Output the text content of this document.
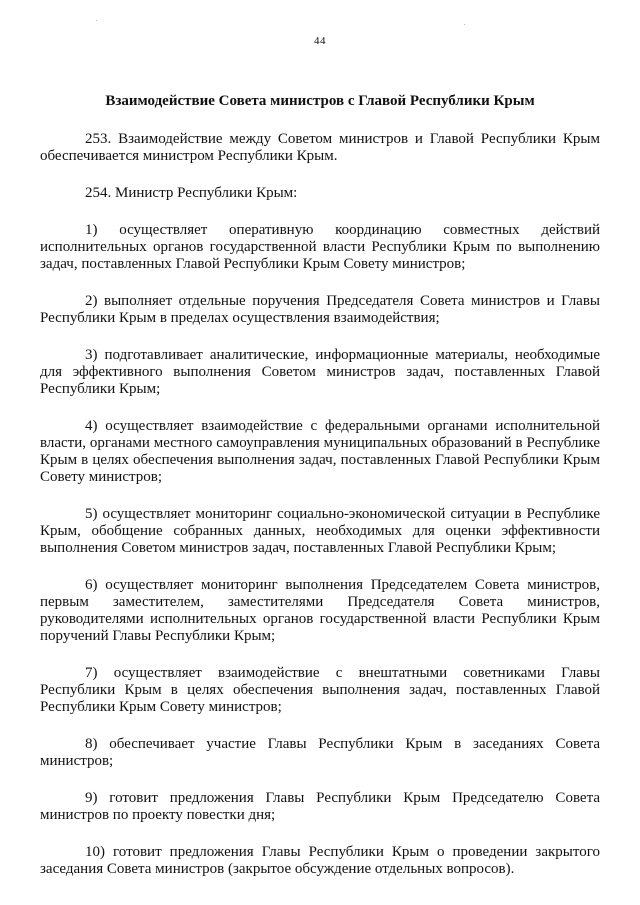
44
Взаимодействие Совета министров с Главой Республики Крым

253. Взаимодействие между Советом министров и Главой Республики Крым обеспечивается министром Республики Крым.

254. Министр Республики Крым:

1) осуществляет оперативную координацию совместных действий исполнительных органов государственной власти Республики Крым по выполнению задач, поставленных Главой Республики Крым Совету министров;

2) выполняет отдельные поручения Председателя Совета министров и Главы Республики Крым в пределах осуществления взаимодействия;

3) подготавливает аналитические, информационные материалы, необходимые для эффективного выполнения Советом министров задач, поставленных Главой Республики Крым;

4) осуществляет взаимодействие с федеральными органами исполнительной власти, органами местного самоуправления муниципальных образований в Республике Крым в целях обеспечения выполнения задач, поставленных Главой Республики Крым Совету министров;

5) осуществляет мониторинг социально-экономической ситуации в Республике Крым, обобщение собранных данных, необходимых для оценки эффективности выполнения Советом министров задач, поставленных Главой Республики Крым;

6) осуществляет мониторинг выполнения Председателем Совета министров, первым заместителем, заместителями Председателя Совета министров, руководителями исполнительных органов государственной власти Республики Крым поручений Главы Республики Крым;

7) осуществляет взаимодействие с внештатными советниками Главы Республики Крым в целях обеспечения выполнения задач, поставленных Главой Республики Крым Совету министров;

8) обеспечивает участие Главы Республики Крым в заседаниях Совета министров;

9) готовит предложения Главы Республики Крым Председателю Совета министров по проекту повестки дня;

10) готовит предложения Главы Республики Крым о проведении закрытого заседания Совета министров (закрытое обсуждение отдельных вопросов).
